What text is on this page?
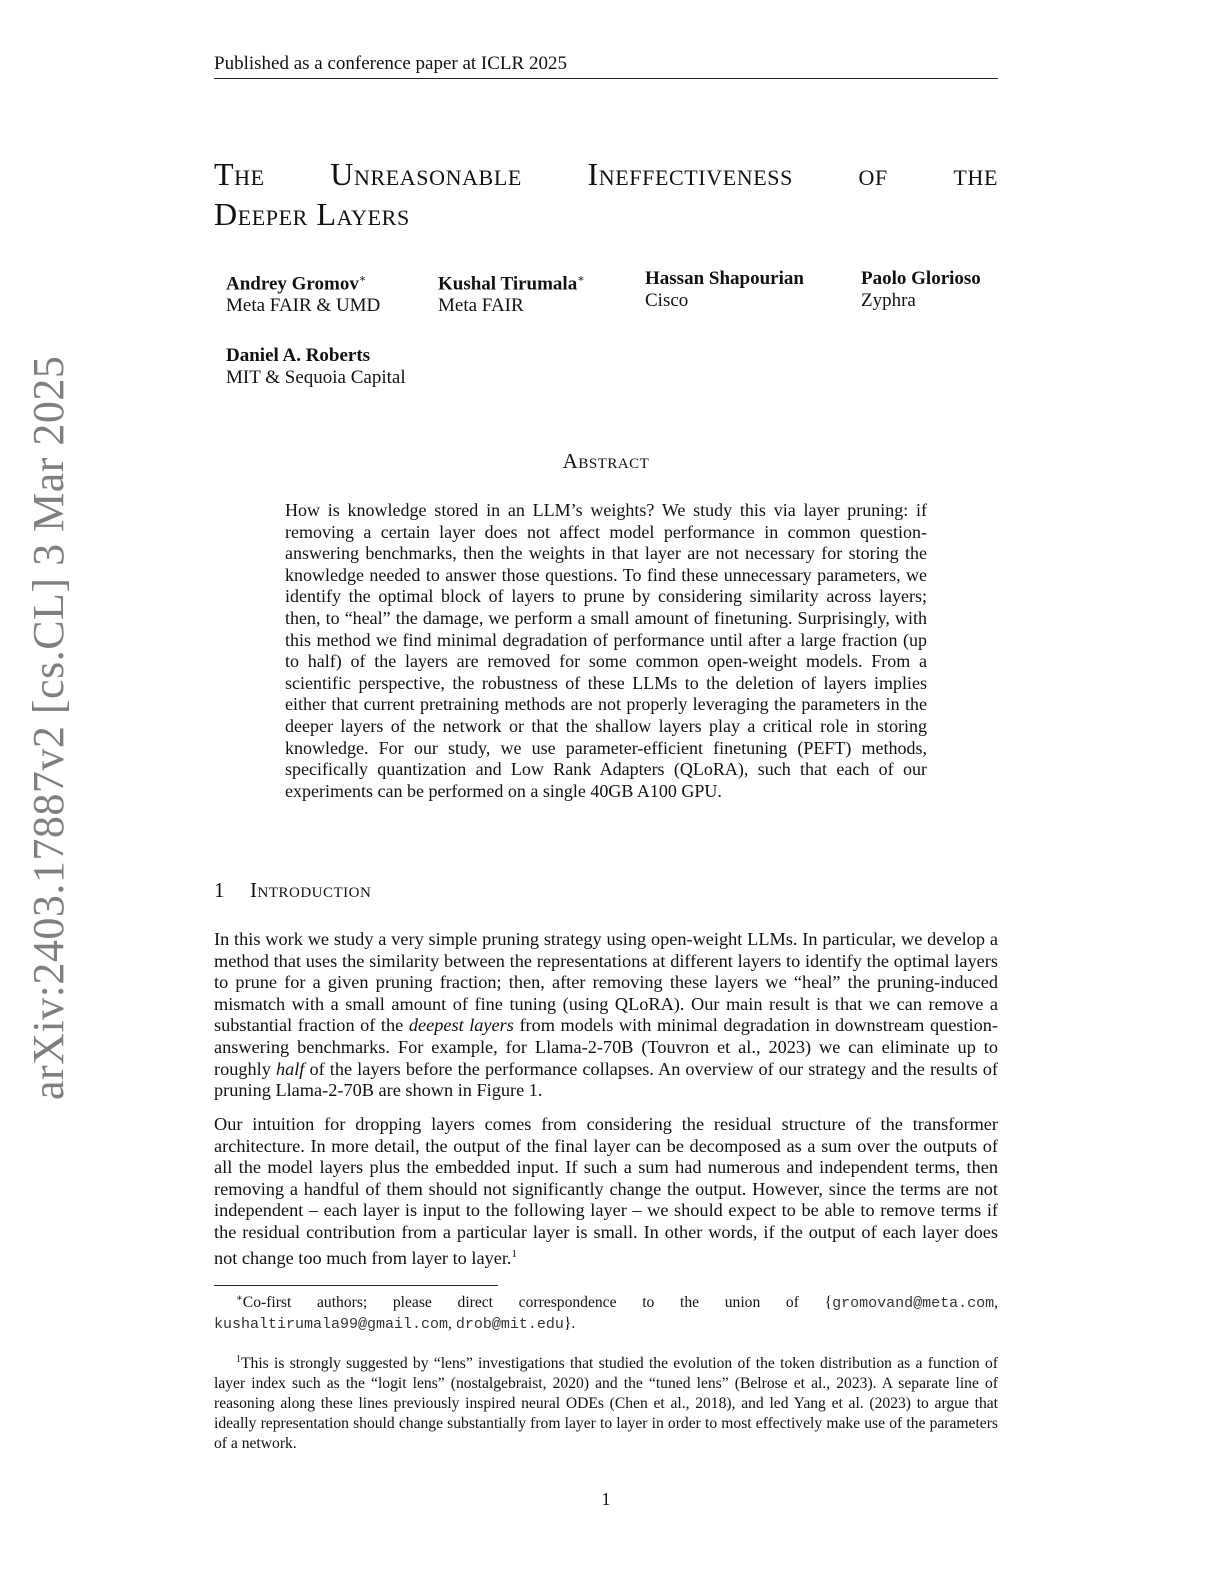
Published as a conference paper at ICLR 2025
arXiv:2403.17887v2 [cs.CL] 3 Mar 2025
The Unreasonable Ineffectiveness of the
Deeper Layers
Andrey Gromov∗
Meta FAIR & UMD
Kushal Tirumala∗
Meta FAIR
Hassan Shapourian
Cisco
Paolo Glorioso
Zyphra
Daniel A. Roberts
MIT & Sequoia Capital
Abstract
How is knowledge stored in an LLM’s weights? We study this via layer pruning: if removing a certain layer does not affect model performance in common question-answering benchmarks, then the weights in that layer are not necessary for storing the knowledge needed to answer those questions. To find these unnecessary parameters, we identify the optimal block of layers to prune by considering similarity across layers; then, to “heal” the damage, we perform a small amount of finetuning. Surprisingly, with this method we find minimal degradation of performance until after a large fraction (up to half) of the layers are removed for some common open-weight models. From a scientific perspective, the robustness of these LLMs to the deletion of layers implies either that current pretraining methods are not properly leveraging the parameters in the deeper layers of the network or that the shallow layers play a critical role in storing knowledge. For our study, we use parameter-efficient finetuning (PEFT) methods, specifically quantization and Low Rank Adapters (QLoRA), such that each of our experiments can be performed on a single 40GB A100 GPU.
1 Introduction
In this work we study a very simple pruning strategy using open-weight LLMs. In particular, we develop a method that uses the similarity between the representations at different layers to identify the optimal layers to prune for a given pruning fraction; then, after removing these layers we “heal” the pruning-induced mismatch with a small amount of fine tuning (using QLoRA). Our main result is that we can remove a substantial fraction of the deepest layers from models with minimal degradation in downstream question-answering benchmarks. For example, for Llama-2-70B (Touvron et al., 2023) we can eliminate up to roughly half of the layers before the performance collapses. An overview of our strategy and the results of pruning Llama-2-70B are shown in Figure 1.
Our intuition for dropping layers comes from considering the residual structure of the transformer architecture. In more detail, the output of the final layer can be decomposed as a sum over the outputs of all the model layers plus the embedded input. If such a sum had numerous and independent terms, then removing a handful of them should not significantly change the output. However, since the terms are not independent – each layer is input to the following layer – we should expect to be able to remove terms if the residual contribution from a particular layer is small. In other words, if the output of each layer does not change too much from layer to layer.$^1$
∗Co-first authors; please direct correspondence to the union of {gromovand@meta.com, kushaltirumala99@gmail.com, drob@mit.edu}.
$^1$This is strongly suggested by “lens” investigations that studied the evolution of the token distribution as a function of layer index such as the “logit lens” (nostalgebraist, 2020) and the “tuned lens” (Belrose et al., 2023). A separate line of reasoning along these lines previously inspired neural ODEs (Chen et al., 2018), and led Yang et al. (2023) to argue that ideally representation should change substantially from layer to layer in order to most effectively make use of the parameters of a network.
1
